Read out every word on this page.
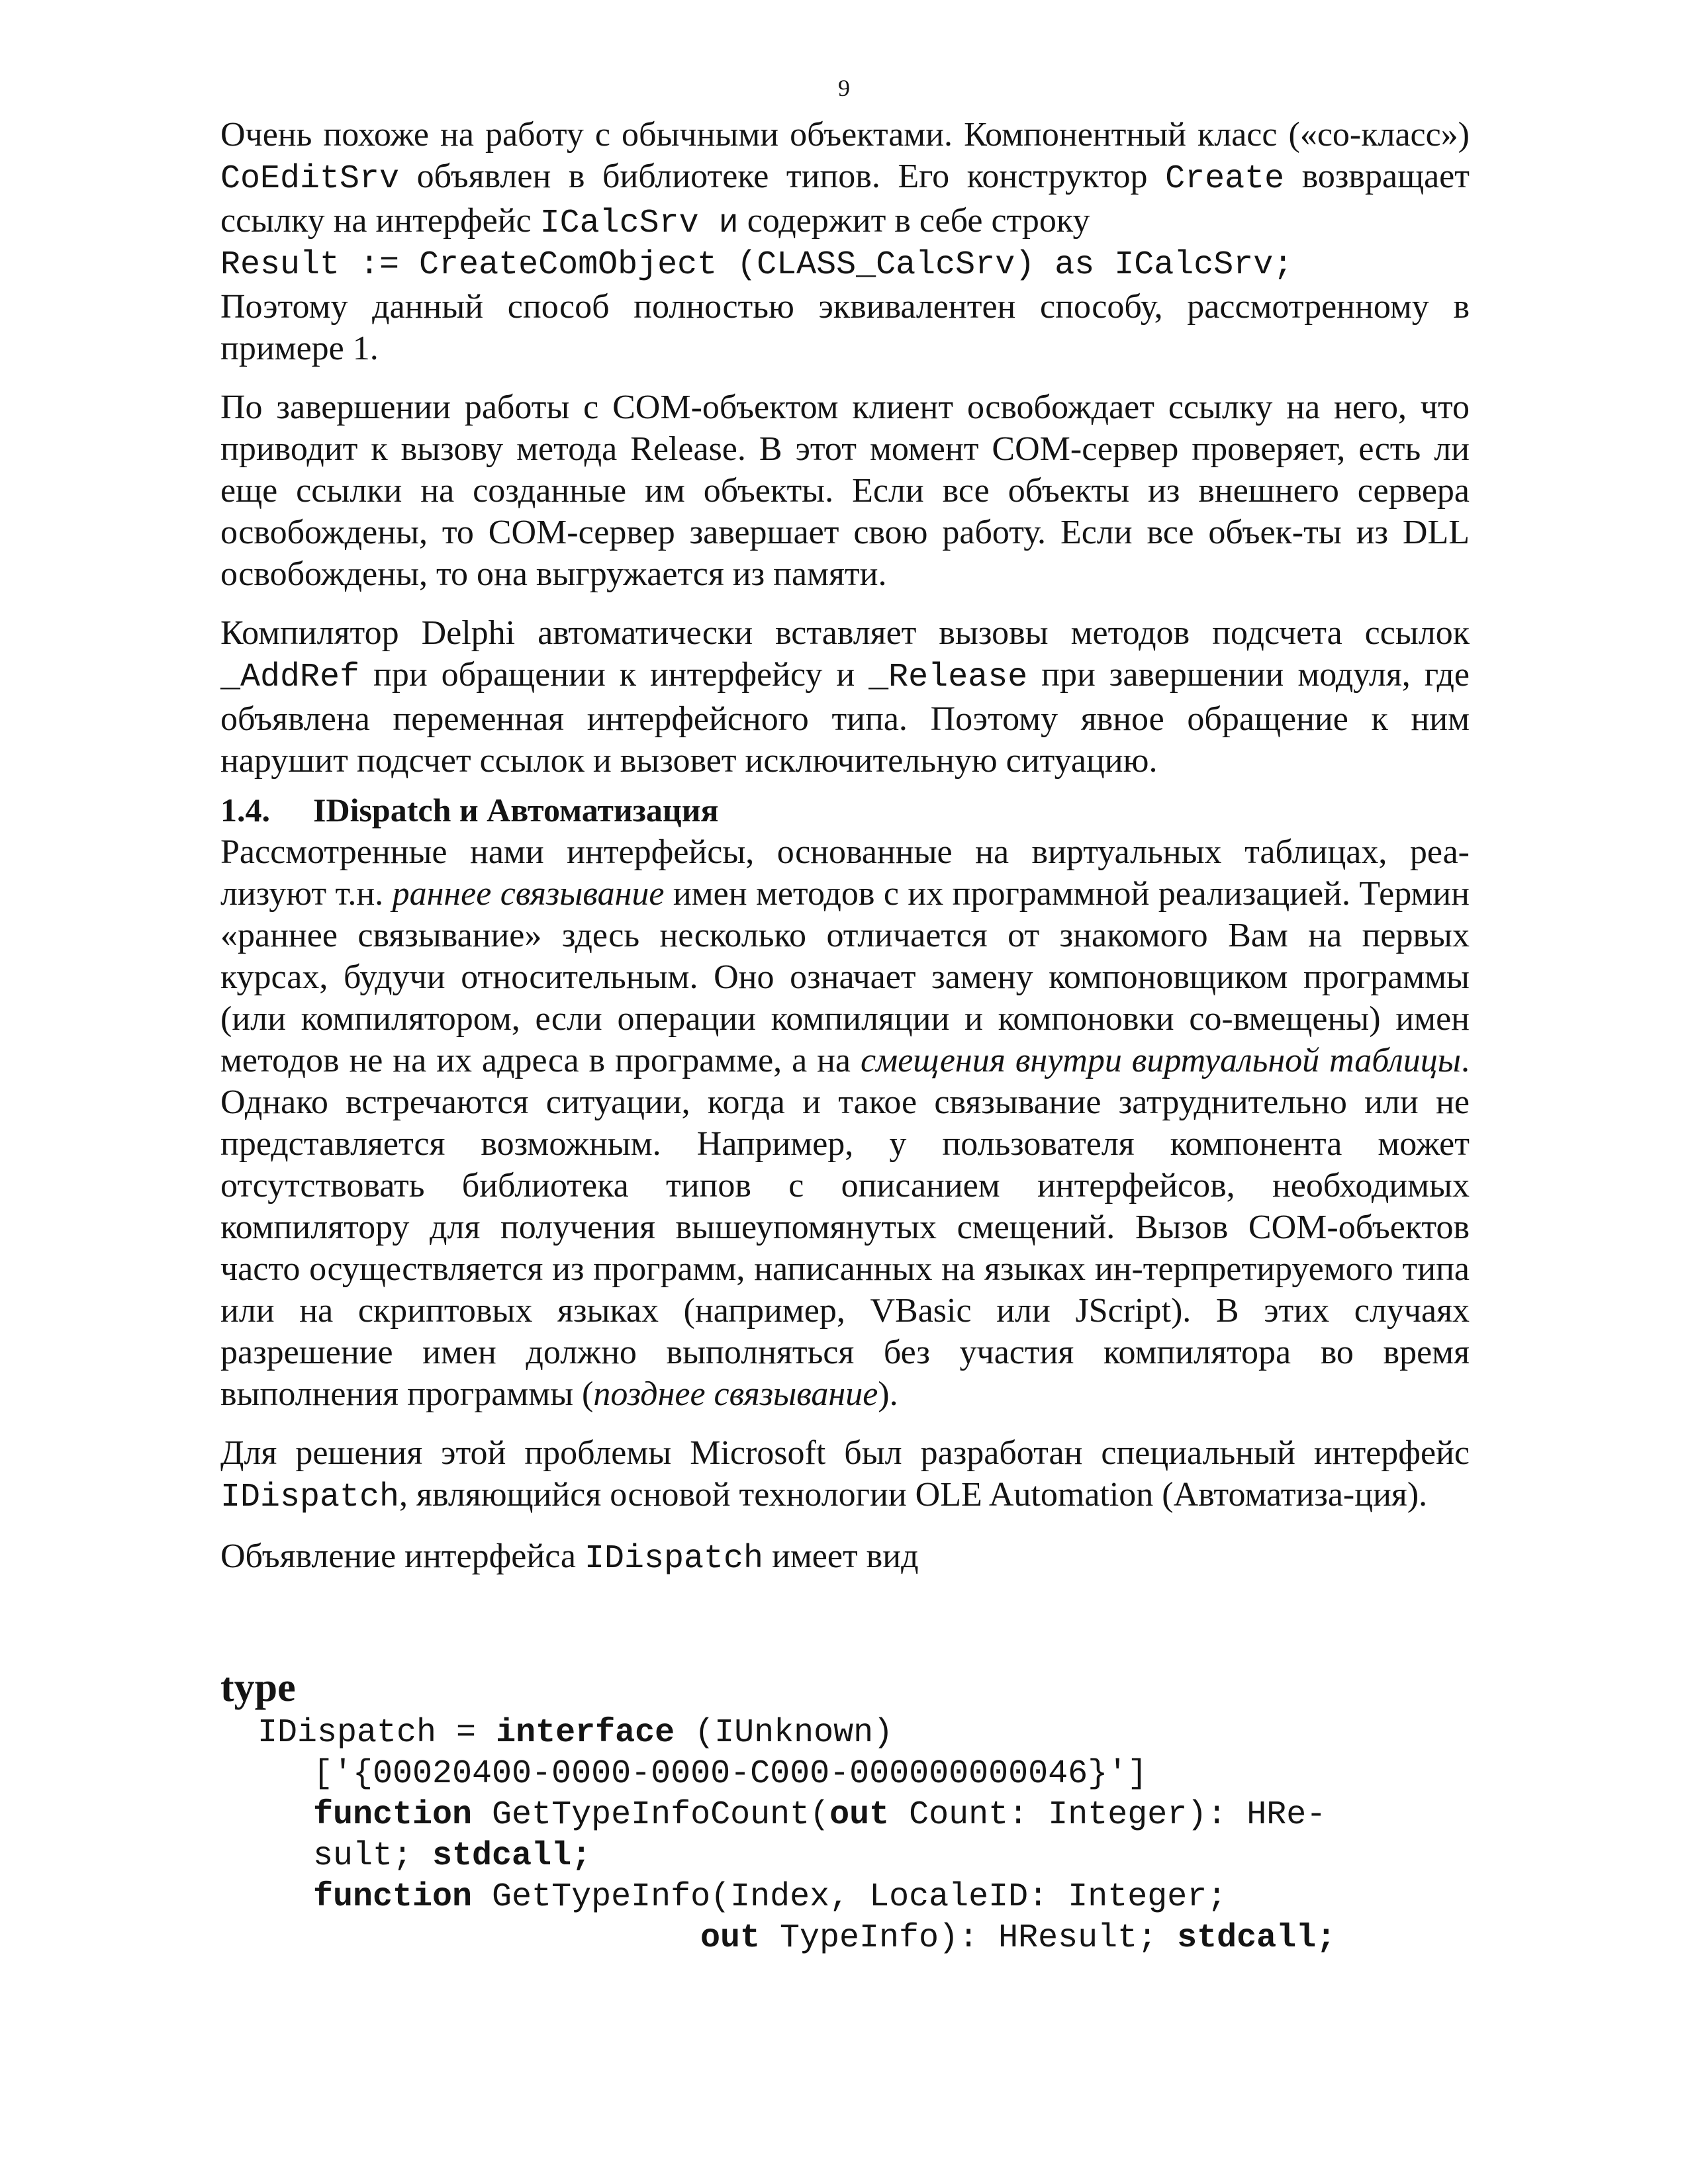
9

Очень похоже на работу с обычными объектами. Компонентный класс («со-класс») CoEditSrv объявлен в библиотеке типов. Его конструктор Create возвращает ссылку на интерфейс ICalcSrv и содержит в себе строку

Result := CreateComObject (CLASS_CalcSrv) as ICalcSrv;

Поэтому данный способ полностью эквивалентен способу, рассмотренному в примере 1.

По завершении работы с COM-объектом клиент освобождает ссылку на него, что приводит к вызову метода Release. В этот момент COM-сервер проверяет, есть ли еще ссылки на созданные им объекты. Если все объекты из внешнего сервера освобождены, то COM-сервер завершает свою работу. Если все объек-ты из DLL освобождены, то она выгружается из памяти.

Компилятор Delphi автоматически вставляет вызовы методов подсчета ссылок _AddRef при обращении к интерфейсу и _Release при завершении модуля, где объявлена переменная интерфейсного типа. Поэтому явное обращение к ним нарушит подсчет ссылок и вызовет исключительную ситуацию.

1.4. IDispatch и Автоматизация

Рассмотренные нами интерфейсы, основанные на виртуальных таблицах, реа-лизуют т.н. раннее связывание имен методов с их программной реализацией. Термин «раннее связывание» здесь несколько отличается от знакомого Вам на первых курсах, будучи относительным. Оно означает замену компоновщиком программы (или компилятором, если операции компиляции и компоновки со-вмещены) имен методов не на их адреса в программе, а на смещения внутри виртуальной таблицы. Однако встречаются ситуации, когда и такое связывание затруднительно или не представляется возможным. Например, у пользователя компонента может отсутствовать библиотека типов с описанием интерфейсов, необходимых компилятору для получения вышеупомянутых смещений. Вызов COM-объектов часто осуществляется из программ, написанных на языках ин-терпретируемого типа или на скриптовых языках (например, VBasic или JScript). В этих случаях разрешение имен должно выполняться без участия компилятора во время выполнения программы (позднее связывание).

Для решения этой проблемы Microsoft был разработан специальный интерфейс IDispatch, являющийся основой технологии OLE Automation (Автоматиза-ция).

Объявление интерфейса IDispatch имеет вид

type
IDispatch = interface (IUnknown)
['{00020400-0000-0000-C000-000000000046}']
function GetTypeInfoCount(out Count: Integer): HRe-
sult; stdcall;
function GetTypeInfo(Index, LocaleID: Integer;
out TypeInfo): HResult; stdcall;
